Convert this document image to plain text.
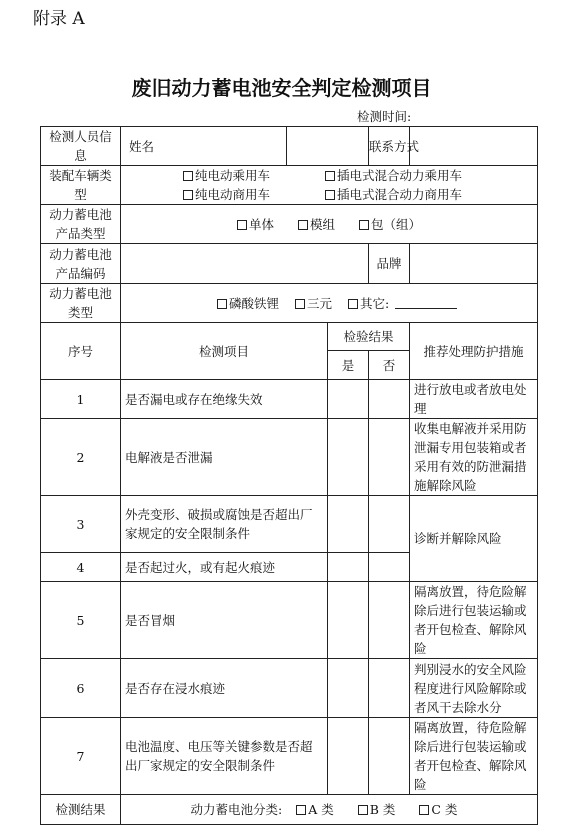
附录 A
废旧动力蓄电池安全判定检测项目
检测时间:
检测人员信息	姓名			联系方式	
装配车辆类型	纯电动乘用车 插电式混合动力乘用车
纯电动商用车 插电式混合动力商用车				

动力蓄电池产品类型	单体 模组 包（组）				
动力蓄电池产品编码				品牌	
动力蓄电池类型	磷酸铁锂 三元 其它:				
序号	检测项目		检验结果		推荐处理防护措施
			是	否	
1	是否漏电或存在绝缘失效				进行放电或者放电处理
2	电解液是否泄漏				收集电解液并采用防泄漏专用包装箱或者采用有效的防泄漏措施解除风险
3	外壳变形、破损或腐蚀是否超出厂家规定的安全限制条件				诊断并解除风险
4	是否起过火，或有起火痕迹				
5	是否冒烟				隔离放置，待危险解除后进行包装运输或者开包检查、解除风险
6	是否存在浸水痕迹				判别浸水的安全风险程度进行风险解除或者风干去除水分
7	电池温度、电压等关键参数是否超出厂家规定的安全限制条件				隔离放置，待危险解除后进行包装运输或者开包检查、解除风险
检测结果	动力蓄电池分类: A 类 B 类 C 类				
